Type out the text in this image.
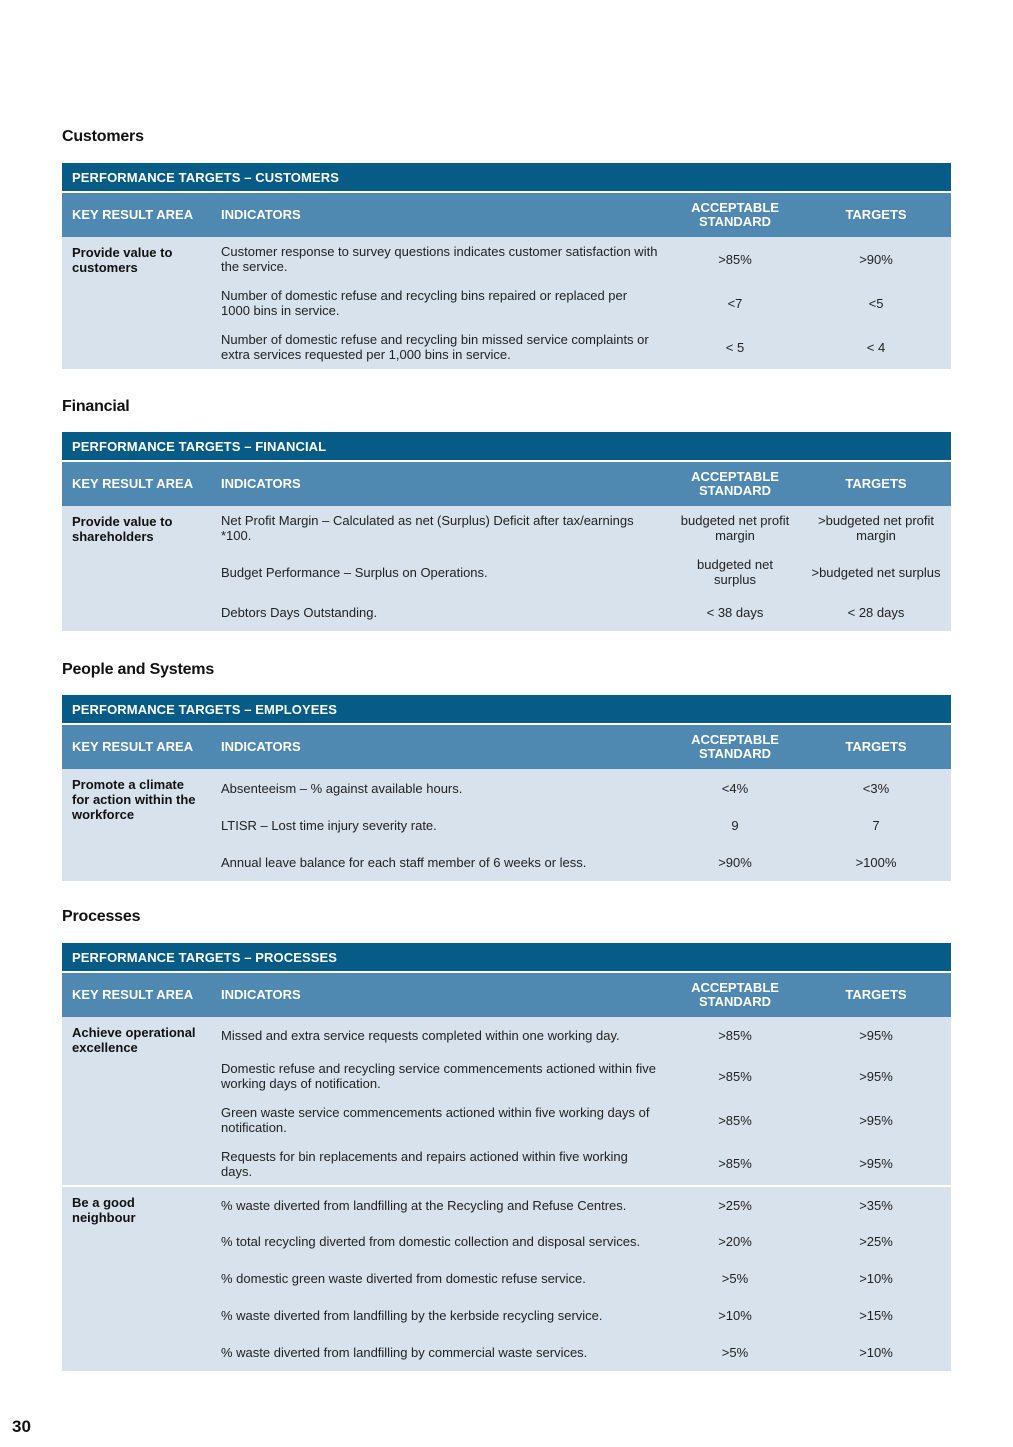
Customers
PERFORMANCE TARGETS – CUSTOMERS			
KEY RESULT AREA	INDICATORS	ACCEPTABLE STANDARD	TARGETS
Provide value to customers	Customer response to survey questions indicates customer satisfaction with the service.	>85%	>90%
	Number of domestic refuse and recycling bins repaired or replaced per 1000 bins in service.	<7	<5
	Number of domestic refuse and recycling bin missed service complaints or extra services requested per 1,000 bins in service.	< 5	< 4
Financial
PERFORMANCE TARGETS – FINANCIAL			
KEY RESULT AREA	INDICATORS	ACCEPTABLE STANDARD	TARGETS
Provide value to shareholders	Net Profit Margin – Calculated as net (Surplus) Deficit after tax/earnings *100.	budgeted net profit margin	>budgeted net profit margin
	Budget Performance – Surplus on Operations.	budgeted net surplus	>budgeted net surplus
	Debtors Days Outstanding.	< 38 days	< 28 days
People and Systems
PERFORMANCE TARGETS – EMPLOYEES			
KEY RESULT AREA	INDICATORS	ACCEPTABLE STANDARD	TARGETS
Promote a climate for action within the workforce	Absenteeism – % against available hours.	<4%	<3%
	LTISR – Lost time injury severity rate.	9	7
	Annual leave balance for each staff member of 6 weeks or less.	>90%	>100%
Processes
PERFORMANCE TARGETS – PROCESSES			
KEY RESULT AREA	INDICATORS	ACCEPTABLE STANDARD	TARGETS
Achieve operational excellence	Missed and extra service requests completed within one working day.	>85%	>95%
	Domestic refuse and recycling service commencements actioned within five working days of notification.	>85%	>95%
	Green waste service commencements actioned within five working days of notification.	>85%	>95%
	Requests for bin replacements and repairs actioned within five working days.	>85%	>95%
Be a good neighbour	% waste diverted from landfilling at the Recycling and Refuse Centres.	>25%	>35%
	% total recycling diverted from domestic collection and disposal services.	>20%	>25%
	% domestic green waste diverted from domestic refuse service.	>5%	>10%
	% waste diverted from landfilling by the kerbside recycling service.	>10%	>15%
	% waste diverted from landfilling by commercial waste services.	>5%	>10%
30
